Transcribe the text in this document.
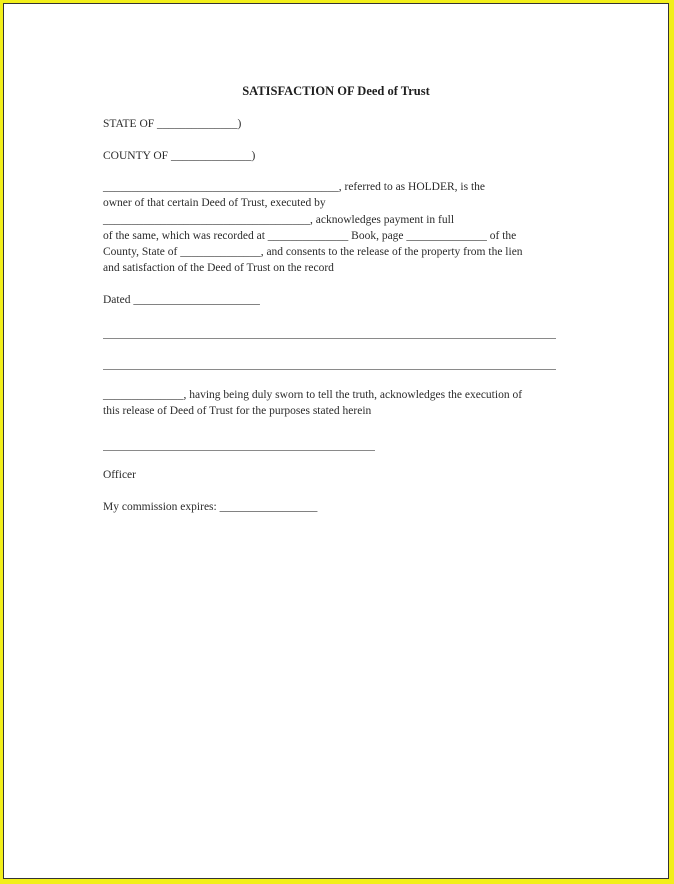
SATISFACTION OF Deed of Trust
STATE OF ______________)
COUNTY OF ______________)
_________________________________________, referred to as HOLDER, is the
owner of that certain Deed of Trust, executed by
____________________________________, acknowledges payment in full
of the same, which was recorded at ______________ Book, page ______________ of the
County, State of ______________, and consents to the release of the property from the lien
and satisfaction of the Deed of Trust on the record
Dated ______________________
______________, having being duly sworn to tell the truth, acknowledges the execution of
this release of Deed of Trust for the purposes stated herein
Officer
My commission expires: _________________
